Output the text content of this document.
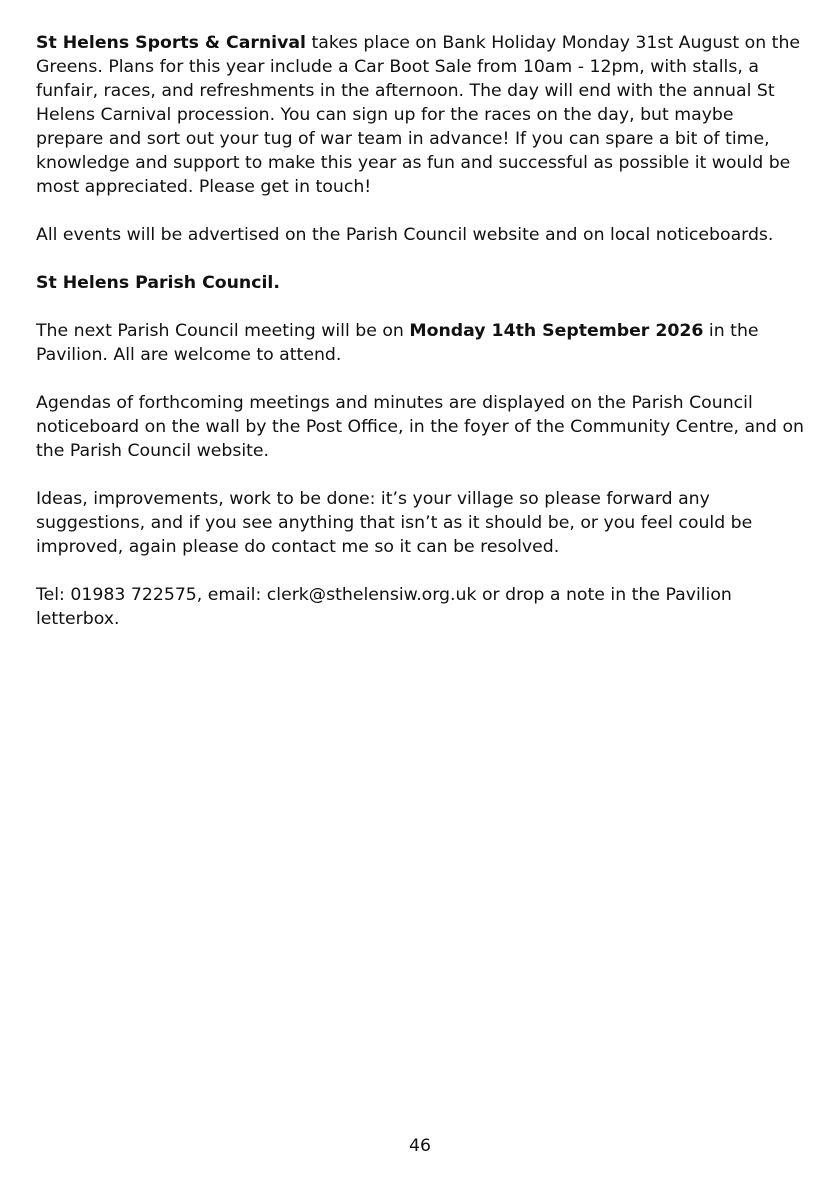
St Helens Sports & Carnival takes place on Bank Holiday Monday 31st August on the Greens. Plans for this year include a Car Boot Sale from 10am - 12pm, with stalls, a funfair, races, and refreshments in the afternoon. The day will end with the annual St Helens Carnival procession. You can sign up for the races on the day, but maybe prepare and sort out your tug of war team in advance! If you can spare a bit of time, knowledge and support to make this year as fun and successful as possible it would be most appreciated. Please get in touch!

All events will be advertised on the Parish Council website and on local noticeboards.

St Helens Parish Council.

The next Parish Council meeting will be on Monday 14th September 2026 in the Pavilion. All are welcome to attend.

Agendas of forthcoming meetings and minutes are displayed on the Parish Council noticeboard on the wall by the Post Office, in the foyer of the Community Centre, and on the Parish Council website.

Ideas, improvements, work to be done: it’s your village so please forward any suggestions, and if you see anything that isn’t as it should be, or you feel could be improved, again please do contact me so it can be resolved.

Tel: 01983 722575, email: clerk@sthelensiw.org.uk or drop a note in the Pavilion letterbox.

46
